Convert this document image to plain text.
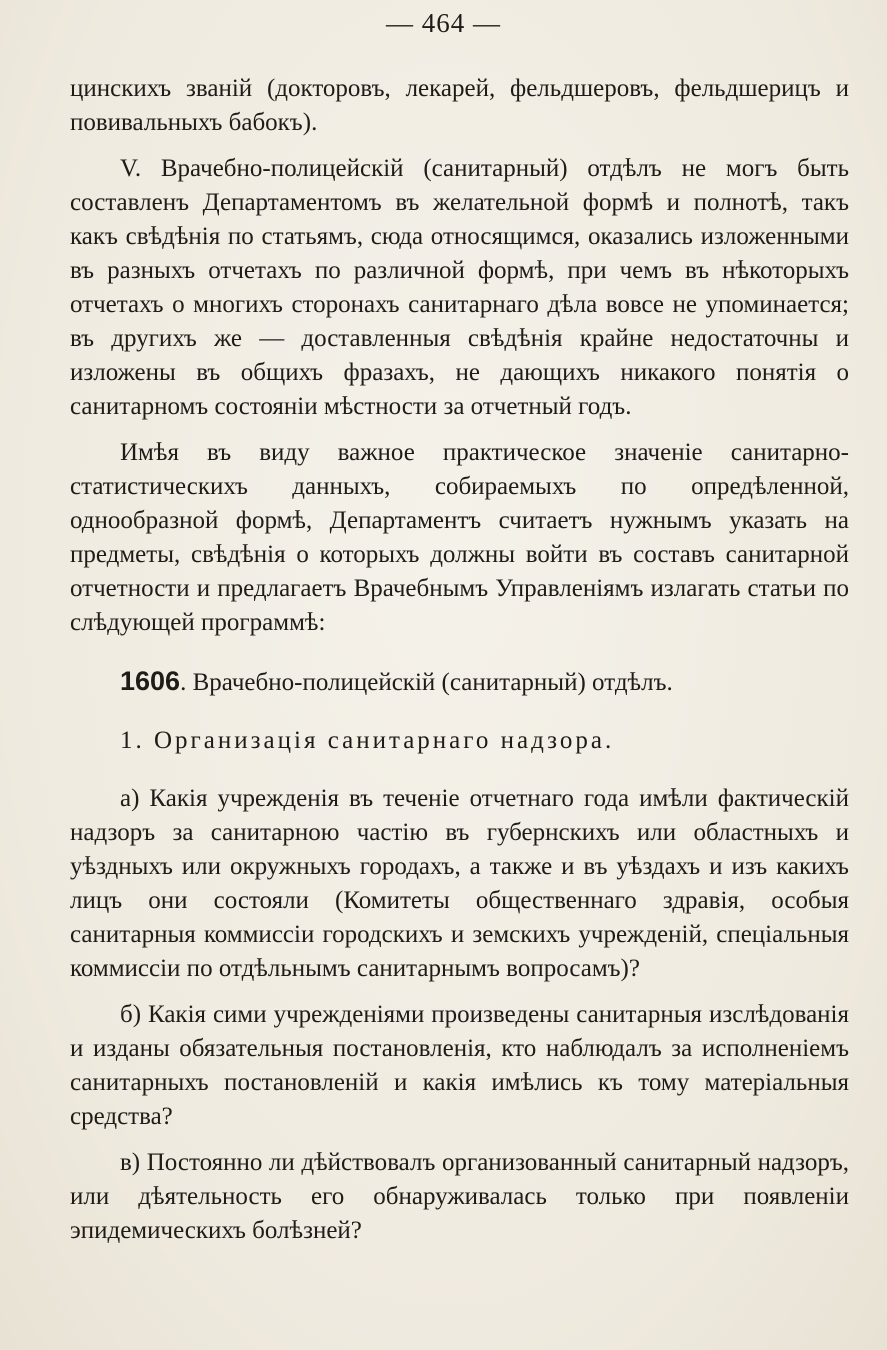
— 464 —

цинскихъ званій (докторовъ, лекарей, фельдшеровъ, фельдшерицъ и повивальныхъ бабокъ).

V. Врачебно-полицейскій (санитарный) отдѣлъ не могъ быть составленъ Департаментомъ въ желательной формѣ и полнотѣ, такъ какъ свѣдѣнія по статьямъ, сюда относящимся, оказались изложенными въ разныхъ отчетахъ по различной формѣ, при чемъ въ нѣкоторыхъ отчетахъ о многихъ сторонахъ санитарнаго дѣла вовсе не упоминается; въ другихъ же — доставленныя свѣдѣнія крайне недостаточны и изложены въ общихъ фразахъ, не дающихъ никакого понятія о санитарномъ состояніи мѣстности за отчетный годъ.

Имѣя въ виду важное практическое значеніе санитарно-статистическихъ данныхъ, собираемыхъ по опредѣленной, однообразной формѣ, Департаментъ считаетъ нужнымъ указать на предметы, свѣдѣнія о которыхъ должны войти въ составъ санитарной отчетности и предлагаетъ Врачебнымъ Управленіямъ излагать статьи по слѣдующей программѣ:

1606. Врачебно-полицейскій (санитарный) отдѣлъ.

1. Организація санитарнаго надзора.

а) Какія учрежденія въ теченіе отчетнаго года имѣли фактическій надзоръ за санитарною частію въ губернскихъ или областныхъ и уѣздныхъ или окружныхъ городахъ, а также и въ уѣздахъ и изъ какихъ лицъ они состояли (Комитеты общественнаго здравія, особыя санитарныя коммиссіи городскихъ и земскихъ учрежденій, спеціальныя коммиссіи по отдѣльнымъ санитарнымъ вопросамъ)?

б) Какія сими учрежденіями произведены санитарныя изслѣдованія и изданы обязательныя постановленія, кто наблюдалъ за исполненіемъ санитарныхъ постановленій и какія имѣлись къ тому матеріальныя средства?

в) Постоянно ли дѣйствовалъ организованный санитарный надзоръ, или дѣятельность его обнаруживалась только при появленіи эпидемическихъ болѣзней?
